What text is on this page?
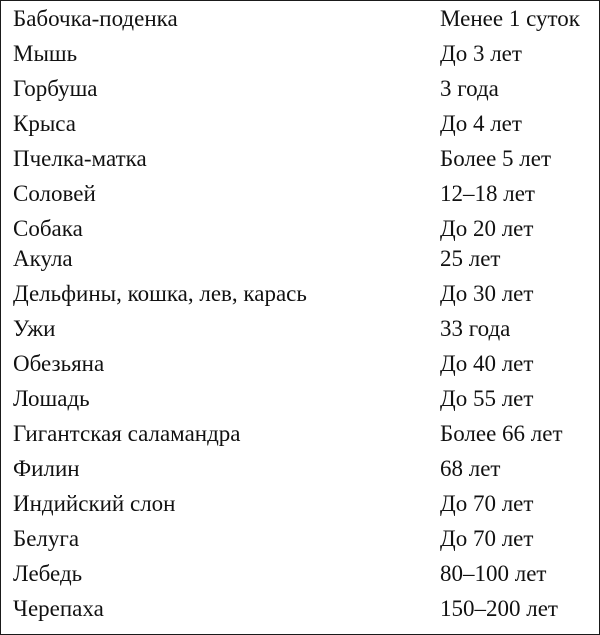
Бабочка-поденка	Менее 1 суток
Мышь	До 3 лет
Горбуша	3 года
Крыса	До 4 лет
Пчелка-матка	Более 5 лет
Соловей	12–18 лет
Собака	До 20 лет
Акула	25 лет
Дельфины, кошка, лев, карась	До 30 лет
Ужи	33 года
Обезьяна	До 40 лет
Лошадь	До 55 лет
Гигантская саламандра	Более 66 лет
Филин	68 лет
Индийский слон	До 70 лет
Белуга	До 70 лет
Лебедь	80–100 лет
Черепаха	150–200 лет
